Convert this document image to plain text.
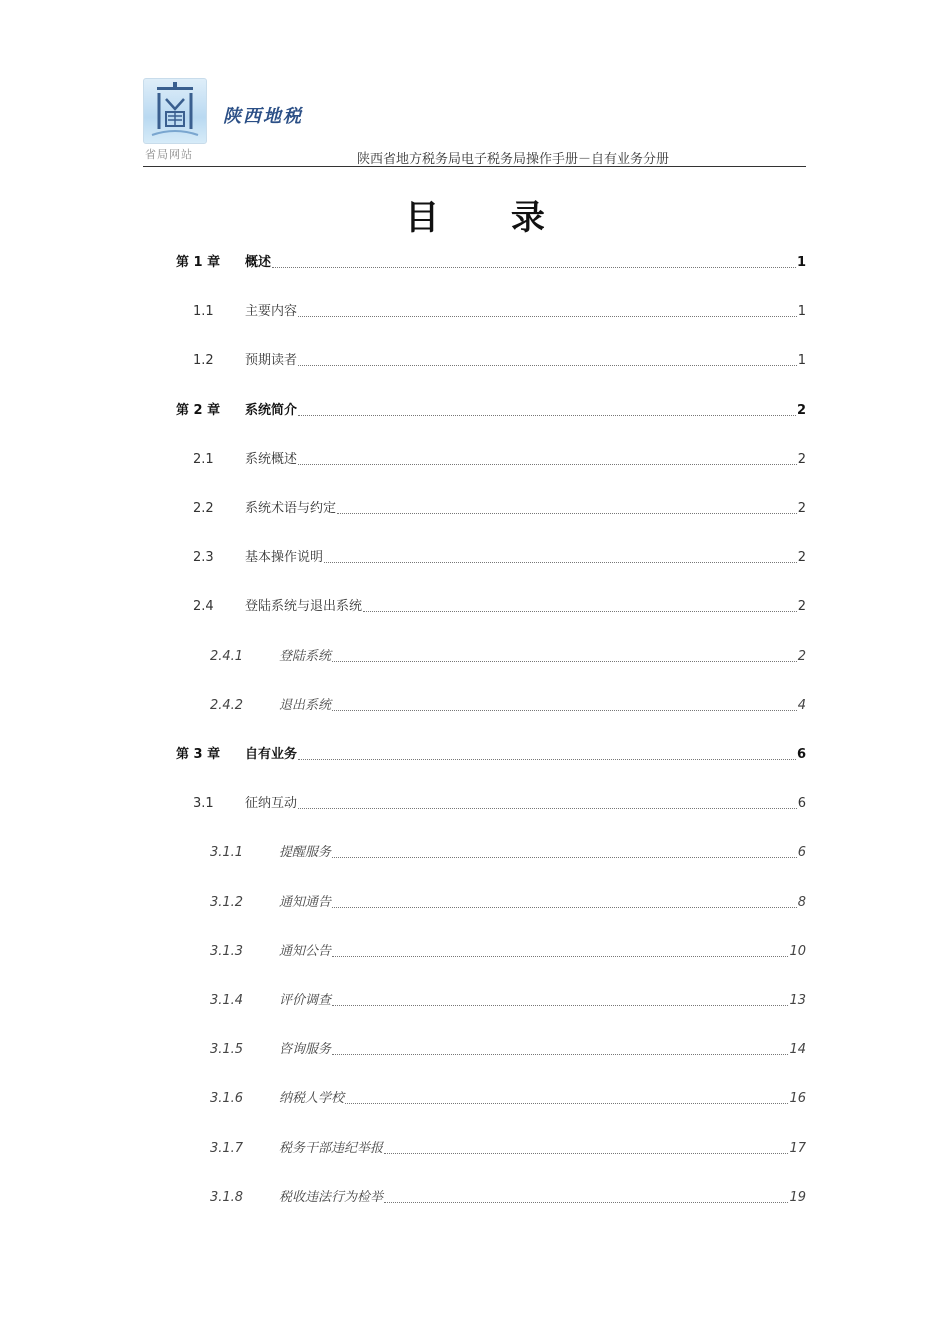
省局网站
陕西地税
陕西省地方税务局电子税务局操作手册－自有业务分册
目 录
第 1 章	概述	1
1.1	主要内容	1
1.2	预期读者	1
第 2 章	系统简介	2
2.1	系统概述	2
2.2	系统术语与约定	2
2.3	基本操作说明	2
2.4	登陆系统与退出系统	2
2.4.1	登陆系统	2
2.4.2	退出系统	4
第 3 章	自有业务	6
3.1	征纳互动	6
3.1.1	提醒服务	6
3.1.2	通知通告	8
3.1.3	通知公告	10
3.1.4	评价调查	13
3.1.5	咨询服务	14
3.1.6	纳税人学校	16
3.1.7	税务干部违纪举报	17
3.1.8	税收违法行为检举	19
